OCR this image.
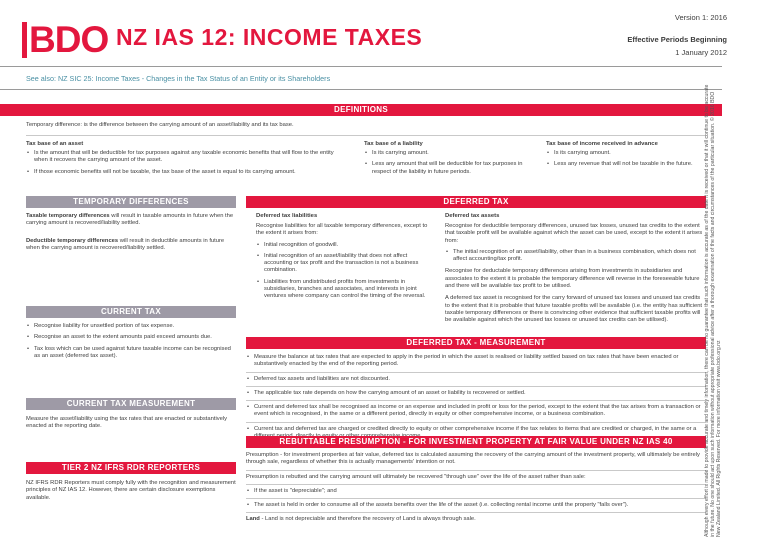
BDO NZ IAS 12: INCOME TAXES
Version 1: 2016
Effective Periods Beginning
1 January 2012
See also: NZ SIC 25: Income Taxes - Changes in the Tax Status of an Entity or its Shareholders
DEFINITIONS
Temporary difference: is the difference between the carrying amount of an asset/liability and its tax base.
Tax base of an asset
• Is the amount that will be deductible for tax purposes against any taxable economic benefits that will flow to the entity when it recovers the carrying amount of the asset.
• If those economic benefits will not be taxable, the tax base of the asset is equal to its carrying amount.
Tax base of a liability
• Is its carrying amount.
• Less any amount that will be deductible for tax purposes in respect of the liability in future periods.
Tax base of income received in advance
• Is its carrying amount.
• Less any revenue that will not be taxable in the future.
TEMPORARY DIFFERENCES
Taxable temporary differences will result in taxable amounts in future when the carrying amount is recovered/liability settled.
Deductible temporary differences will result in deductible amounts in future when the carrying amount is recovered/liability settled.
DEFERRED TAX
Deferred tax liabilities
Recognise liabilities for all taxable temporary differences, except to the extent it arises from:
• Initial recognition of goodwill.
• Initial recognition of an asset/liability that does not affect accounting or tax profit and the transaction is not a business combination.
• Liabilities from undistributed profits from investments in subsidiaries, branches and associates, and interests in joint ventures where company can control the timing of the reversal.
Deferred tax assets
Recognise for deductible temporary differences, unused tax losses, unused tax credits to the extent that taxable profit will be available against which the asset can be used, except to the extent it arises from:
• The initial recognition of an asset/liability, other than in a business combination, which does not affect accounting/tax profit.
Recognise for deductable temporary differences arising from investments in subsidiaries and associates to the extent it is probable the temporary difference will reverse in the foreseeable future and there will be available tax profit to be utilised.
A deferred tax asset is recognised for the carry forward of unused tax losses and unused tax credits to the extent that it is probable that future taxable profits will be available (i.e. the entity has sufficient taxable temporary differences or there is convincing other evidence that sufficient taxable profits will be available against which the unused tax losses or unused tax credits can be utilised).
CURRENT TAX
• Recognise liability for unsettled portion of tax expense.
• Recognise an asset to the extent amounts paid exceed amounts due.
• Tax loss which can be used against future taxable income can be recognised as an asset (deferred tax asset).
CURRENT TAX MEASUREMENT
Measure the asset/liability using the tax rates that are enacted or substantively enacted at the reporting date.
TIER 2 NZ IFRS RDR REPORTERS
NZ IFRS RDR Reporters must comply fully with the recognition and measurement principles of NZ IAS 12. However, there are certain disclosure exemptions available.
DEFERRED TAX - MEASUREMENT
• Measure the balance at tax rates that are expected to apply in the period in which the asset is realised or liability settled based on tax rates that have been enacted or substantively enacted by the end of the reporting period.
• Deferred tax assets and liabilities are not discounted.
• The applicable tax rate depends on how the carrying amount of an asset or liability is recovered or settled.
• Current and deferred tax shall be recognised as income or an expense and included in profit or loss for the period, except to the extent that the tax arises from a transaction or event which is recognised, in the same or a different period, directly in equity or other comprehensive income, or a business combination.
• Current tax and deferred tax are charged or credited directly to equity or other comprehensive income if the tax relates to items that are credited or charged, in the same or a
REBUTTABLE PRESUMPTION - FOR INVESTMENT PROPERTY AT FAIR VALUE UNDER NZ IAS 40
Presumption - for investment properties at fair value, deferred tax is calculated assuming the recovery of the carrying amount of the investment property, will ultimately be entirely through sale, regardless of whether this is actually managements' intention or not.
Presumption is rebutted and the carrying amount will ultimately be recovered "through use" over the life of the asset rather than sale:
• If the asset is "depreciable"; and
• The asset is held in order to consume all of the assets benefits over the life of the asset (i.e. collecting rental income until the property "falls over").
Land - Land is not depreciable and therefore the recovery of Land is always through sale.	Although every effort is made to provide accurate and timely information, there can be no guarantee that such information is accurate as of the date it is received or that it will continue to be accurate in the future. No one should act upon such information without appropriate professional advice after a thorough examination of the facts and circumstances of the particular situation. © 2016 BDO New Zealand Limited. All Rights Reserved. For more information visit www.bdo.org.nz
